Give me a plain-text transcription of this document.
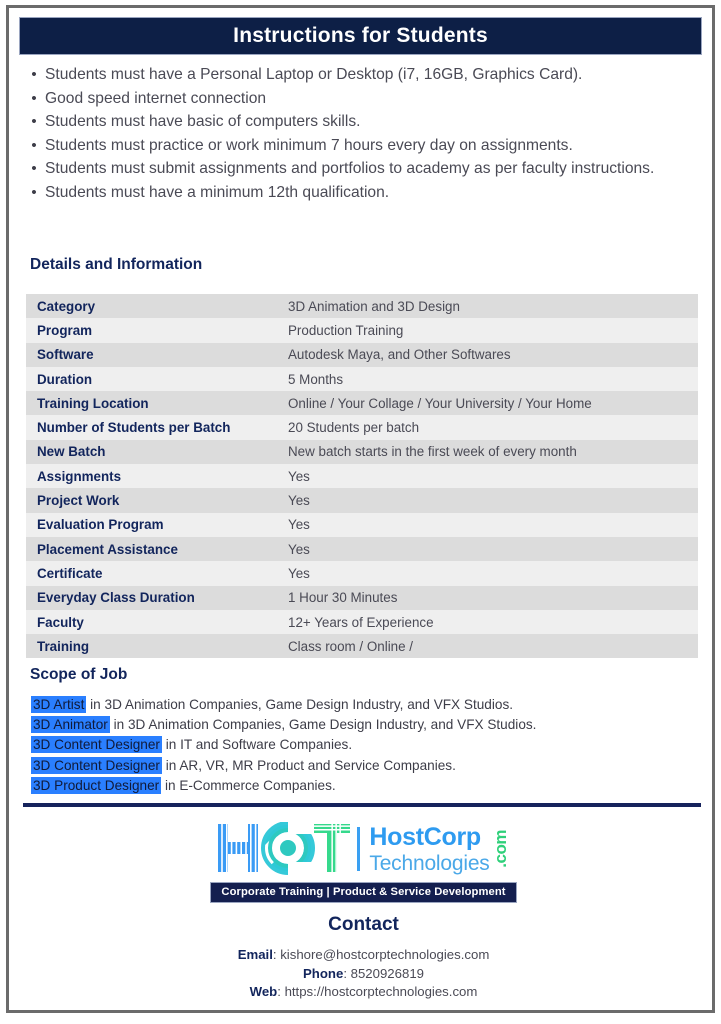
Instructions for Students
• Students must have a Personal Laptop or Desktop (i7, 16GB, Graphics Card).
• Good speed internet connection
• Students must have basic of computers skills.
• Students must practice or work minimum 7 hours every day on assignments.
• Students must submit assignments and portfolios to academy as per faculty instructions.
• Students must have a minimum 12th qualification.
Details and Information
Category	3D Animation and 3D Design
Program	Production Training
Software	Autodesk Maya, and Other Softwares
Duration	5 Months
Training Location	Online / Your Collage / Your University / Your Home
Number of Students per Batch	20 Students per batch
New Batch	New batch starts in the first week of every month
Assignments	Yes
Project Work	Yes
Evaluation Program	Yes
Placement Assistance	Yes
Certificate	Yes
Everyday Class Duration	1 Hour 30 Minutes
Faculty	12+ Years of Experience
Training	Class room / Online /
Scope of Job
3D Artist in 3D Animation Companies, Game Design Industry, and VFX Studios.
3D Animator in 3D Animation Companies, Game Design Industry, and VFX Studios.
3D Content Designer in IT and Software Companies.
3D Content Designer in AR, VR, MR Product and Service Companies.
3D Product Designer in E-Commerce Companies.
HostCorp
Technologies .com
Corporate Training | Product & Service Development
Contact
Email: kishore@hostcorptechnologies.com
Phone: 8520926819
Web: https://hostcorptechnologies.com
